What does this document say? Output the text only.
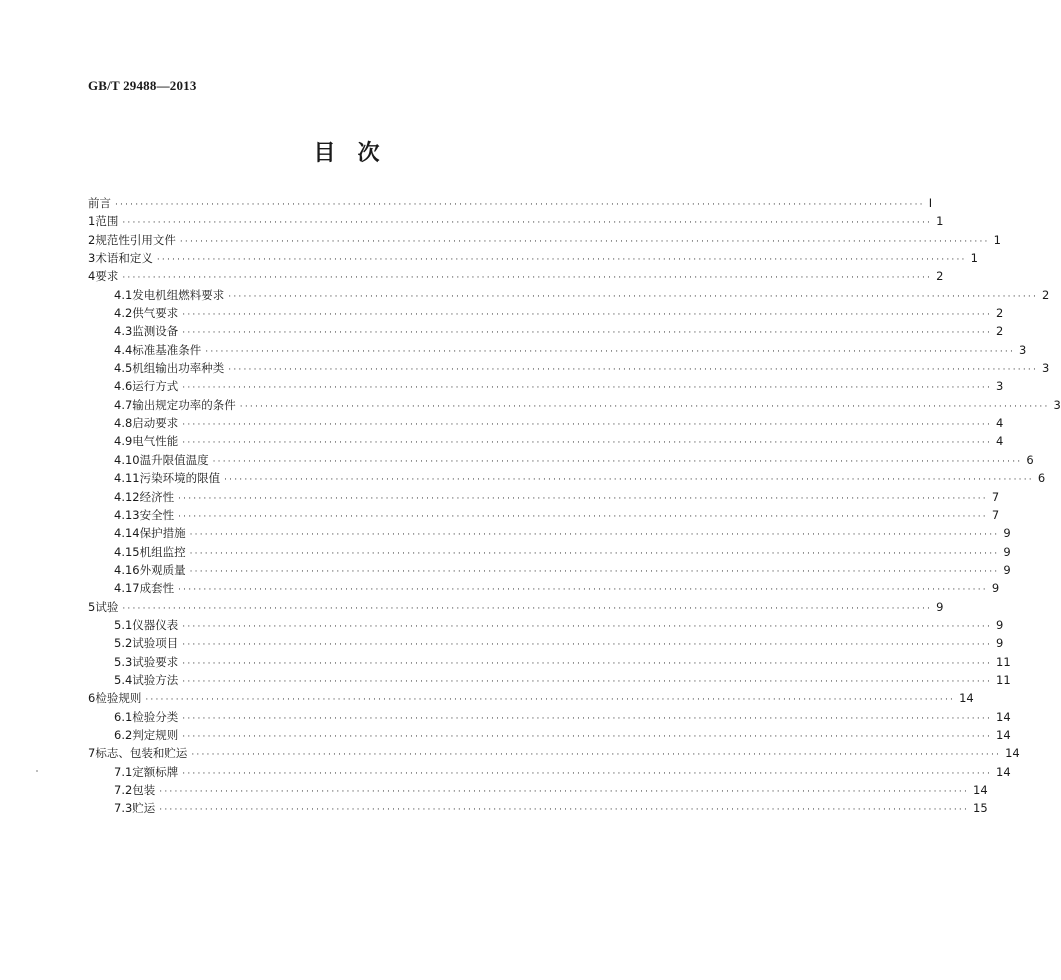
GB/T 29488—2013
目　次
前言 ································································································································································ Ⅰ
1 范围 ································································································································································ 1
2 规范性引用文件 ································································································································································ 1
3 术语和定义 ································································································································································ 1
4 要求 ································································································································································ 2
4.1 发电机组燃料要求 ································································································································································ 2
4.2 供气要求 ································································································································································ 2
4.3 监测设备 ································································································································································ 2
4.4 标准基准条件 ································································································································································ 3
4.5 机组输出功率种类 ································································································································································ 3
4.6 运行方式 ································································································································································ 3
4.7 输出规定功率的条件 ································································································································································ 3
4.8 启动要求 ································································································································································ 4
4.9 电气性能 ································································································································································ 4
4.10 温升限值温度 ································································································································································ 6
4.11 污染环境的限值 ································································································································································ 6
4.12 经济性 ································································································································································ 7
4.13 安全性 ································································································································································ 7
4.14 保护措施 ································································································································································ 9
4.15 机组监控 ································································································································································ 9
4.16 外观质量 ································································································································································ 9
4.17 成套性 ································································································································································ 9
5 试验 ································································································································································ 9
5.1 仪器仪表 ································································································································································ 9
5.2 试验项目 ································································································································································ 9
5.3 试验要求 ································································································································································ 11
5.4 试验方法 ································································································································································ 11
6 检验规则 ································································································································································ 14
6.1 检验分类 ································································································································································ 14
6.2 判定规则 ································································································································································ 14
7 标志、包装和贮运 ································································································································································ 14
7.1 定额标牌 ································································································································································ 14
7.2 包装 ································································································································································ 14
7.3 贮运 ································································································································································ 15
